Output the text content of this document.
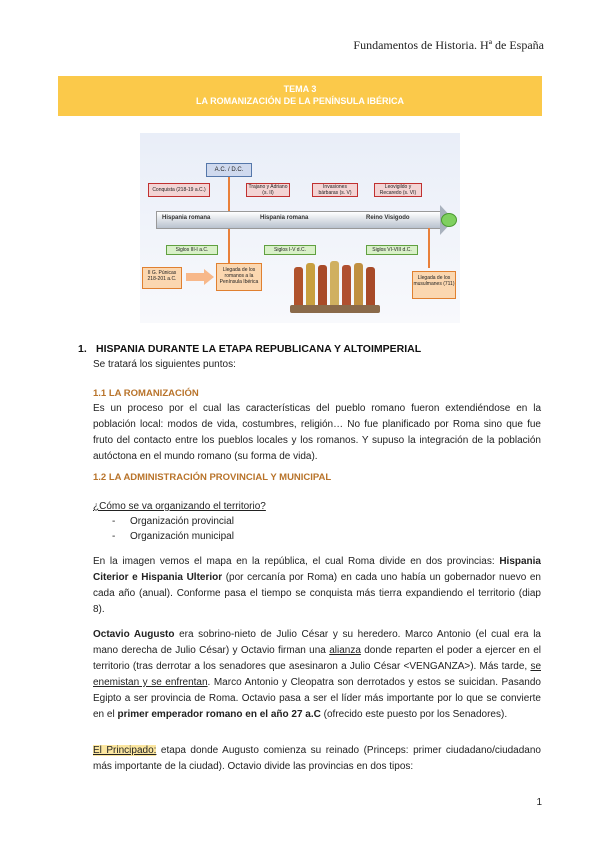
Fundamentos de Historia. Hª de España
TEMA 3
LA ROMANIZACIÓN DE LA PENÍNSULA IBÉRICA
A.C. / D.C.
Conquista (218-19 a.C.)	Trajano y Adriano (s. II)
Invasiones bárbaras (s. V)
Leovigildo y Recaredo (s. VI)
Hispania romana	Hispania romana	Reino Visigodo
Siglos III-I a.C.	Siglos I-V d.C.	Siglos VI-VIII d.C.
II G. Púnicas 218-201 a.C.
Llegada de los romanos a la Península Ibérica
Llegada de los musulmanes (711)
1. HISPANIA DURANTE LA ETAPA REPUBLICANA Y ALTOIMPERIAL
Se tratará los siguientes puntos:
1.1 LA ROMANIZACIÓN
Es un proceso por el cual las características del pueblo romano fueron extendiéndose en la población local: modos de vida, costumbres, religión… No fue planificado por Roma sino que fue fruto del contacto entre los pueblos locales y los romanos. Y supuso la integración de la población autóctona en el mundo romano (su forma de vida).
1.2 LA ADMINISTRACIÓN PROVINCIAL Y MUNICIPAL
¿Cómo se va organizando el territorio?
- Organización provincial
- Organización municipal
En la imagen vemos el mapa en la república, el cual Roma divide en dos provincias: Hispania Citerior e Hispania Ulterior (por cercanía por Roma) en cada uno había un gobernador nuevo en cada año (anual). Conforme pasa el tiempo se conquista más tierra expandiendo el territorio (diap 8).
Octavio Augusto era sobrino-nieto de Julio César y su heredero. Marco Antonio (el cual era la mano derecha de Julio César) y Octavio firman una alianza donde reparten el poder a ejercer en el territorio (tras derrotar a los senadores que asesinaron a Julio César <VENGANZA>). Más tarde, se enemistan y se enfrentan. Marco Antonio y Cleopatra son derrotados y estos se suicidan. Pasando Egipto a ser provincia de Roma. Octavio pasa a ser el líder más importante por lo que se convierte en el primer emperador romano en el año 27 a.C (ofrecido este puesto por los Senadores).
El Principado: etapa donde Augusto comienza su reinado (Princeps: primer ciudadano/ciudadano más importante de la ciudad). Octavio divide las provincias en dos tipos:
1
